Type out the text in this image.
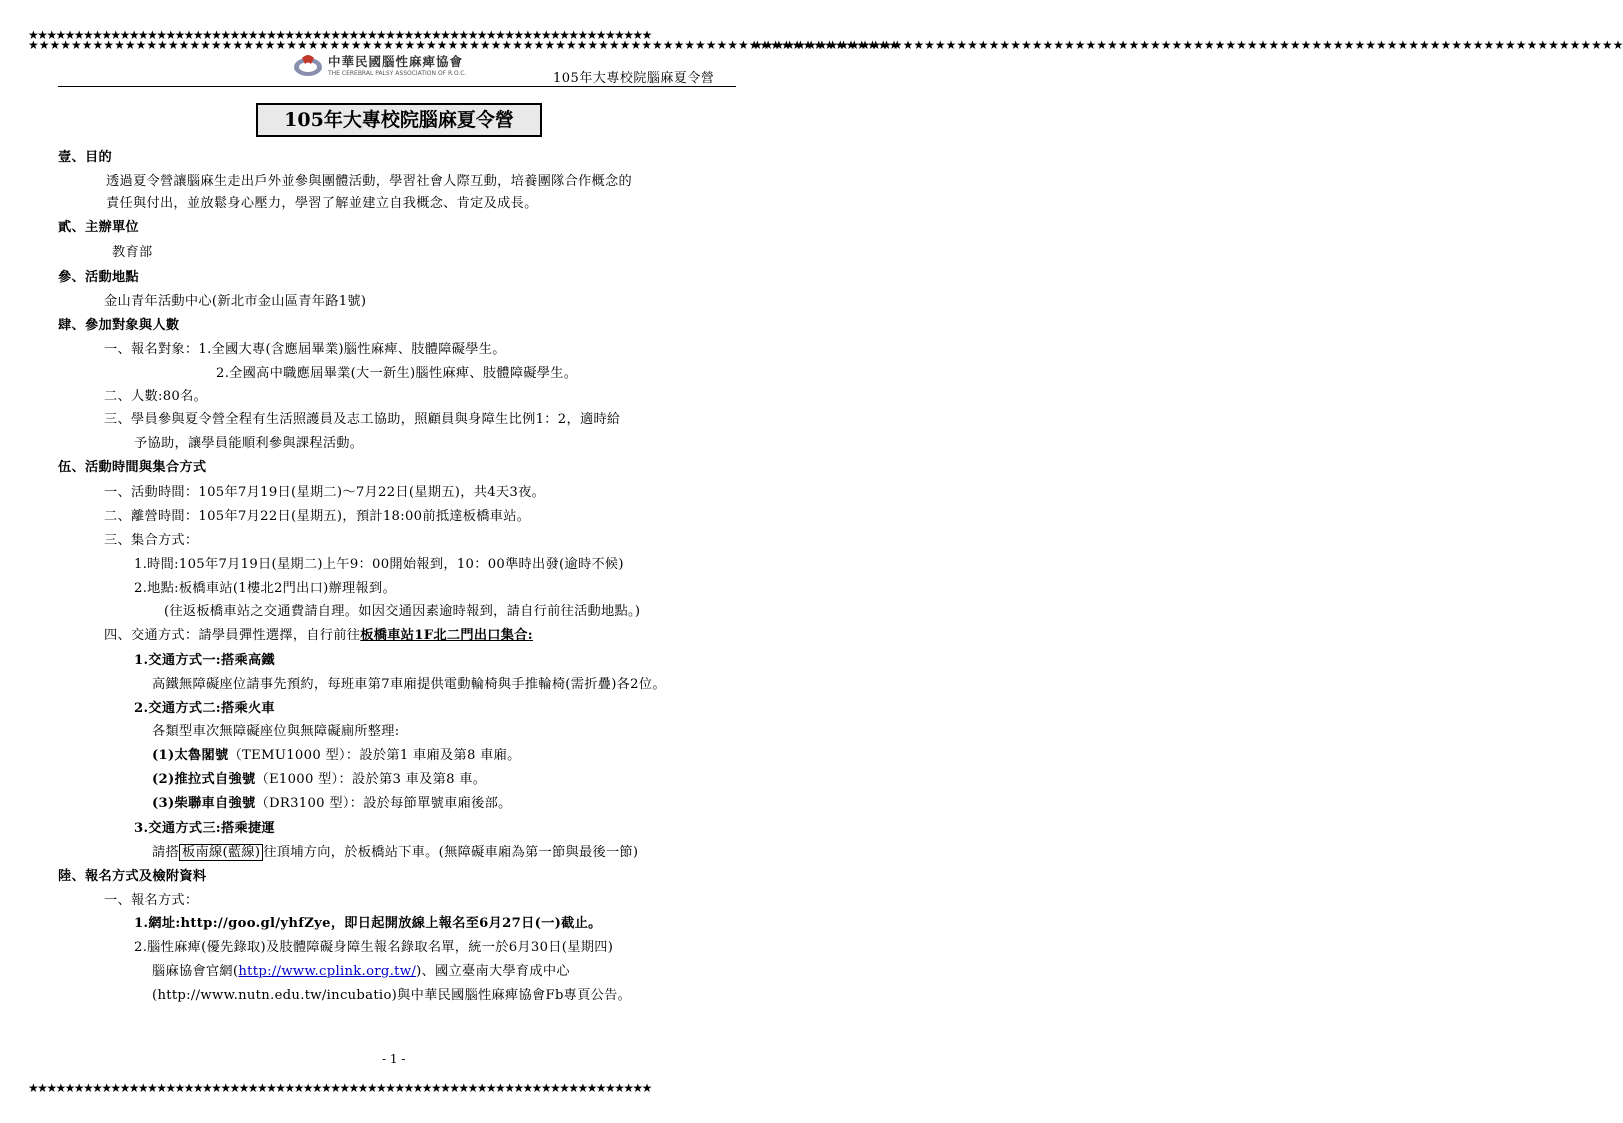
★★★★★★★★★★★★★★★★★★★★★★★★★★★★★★★★★★★★★★★★★★★★★★★★★★★★★★★★★★★★★★★★★★★★
★★★★★★★★★★★★★★★★★★★★★★★★★★★★★★★★★★★★★★★★★★★★★★★★★★★★★★★★★★★★★★★★★★★★
★★★★★★★★★★★★★★★★★★★★★★★★★★★★★★★★★★★★★★★★★★★★★★★★★★★★★★★★★★★★★★★★★★★★★★★★★★★★★★★★★
★★★★★★★★★★★★★★★★★★★★★★★★★★★★★★★★★★★★★★★★★★★★★★★★★★★★★★★★★★★★★★★★★★★★★★★★★★★★★★★★★
中華民國腦性麻痺協會
THE CEREBRAL PALSY ASSOCIATION OF R.O.C.	105年大專校院腦麻夏令營
105年大專校院腦麻夏令營
壹、目的
透過夏令營讓腦麻生走出戶外並參與團體活動，學習社會人際互動，培養團隊合作概念的
責任與付出，並放鬆身心壓力，學習了解並建立自我概念、肯定及成長。
貳、主辦單位
教育部
參、活動地點
金山青年活動中心(新北市金山區青年路1號)
肆、參加對象與人數
一、報名對象：1.全國大專(含應屆畢業)腦性麻痺、肢體障礙學生。
2.全國高中職應屆畢業(大一新生)腦性麻痺、肢體障礙學生。
二、人數:80名。
三、學員參與夏令營全程有生活照護員及志工協助，照顧員與身障生比例1：2，適時給
予協助，讓學員能順利參與課程活動。
伍、活動時間與集合方式
一、活動時間：105年7月19日(星期二)～7月22日(星期五)，共4天3夜。
二、離營時間：105年7月22日(星期五)，預計18:00前抵達板橋車站。
三、集合方式：
1.時間:105年7月19日(星期二)上午9：00開始報到，10：00準時出發(逾時不候)
2.地點:板橋車站(1樓北2門出口)辦理報到。
(往返板橋車站之交通費請自理。如因交通因素逾時報到，請自行前往活動地點。)
四、交通方式：請學員彈性選擇，自行前往板橋車站1F北二門出口集合:
1.交通方式一:搭乘高鐵
高鐵無障礙座位請事先預約，每班車第7車廂提供電動輪椅與手推輪椅(需折疊)各2位。
2.交通方式二:搭乘火車
各類型車次無障礙座位與無障礙廁所整理:
(1)太魯閣號（TEMU1000 型）：設於第1 車廂及第8 車廂。
(2)推拉式自強號（E1000 型）：設於第3 車及第8 車。
(3)柴聯車自強號（DR3100 型）：設於每節單號車廂後部。
3.交通方式三:搭乘捷運
請搭 板南線(藍線) 往頂埔方向，於板橋站下車。(無障礙車廂為第一節與最後一節)
陸、報名方式及檢附資料
一、報名方式：
1.網址:http://goo.gl/yhfZye，即日起開放線上報名至6月27日(一)截止。
2.腦性麻痺(優先錄取)及肢體障礙身障生報名錄取名單，統一於6月30日(星期四)
腦麻協會官網(http://www.cplink.org.tw/)、國立臺南大學育成中心
(http://www.nutn.edu.tw/incubatio)與中華民國腦性麻痺協會Fb專頁公告。
- 1 -
